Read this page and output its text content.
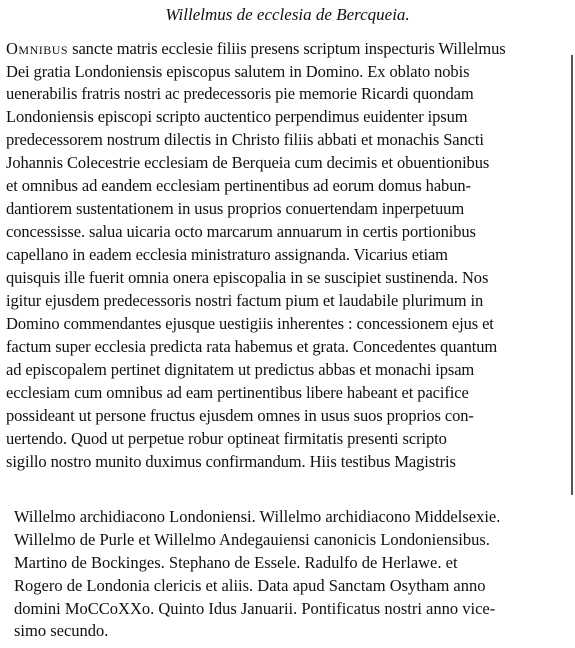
Willelmus de ecclesia de Bercqueia.
Omnibus sancte matris ecclesie filiis presens scriptum inspecturis Willelmus
Dei gratia Londoniensis episcopus salutem in Domino. Ex oblato nobis
uenerabilis fratris nostri ac predecessoris pie memorie Ricardi quondam
Londoniensis episcopi scripto auctentico perpendimus euidenter ipsum
predecessorem nostrum dilectis in Christo filiis abbati et monachis Sancti
Johannis Colecestrie ecclesiam de Berqueia cum decimis et obuentionibus
et omnibus ad eandem ecclesiam pertinentibus ad eorum domus habun-
dantiorem sustentationem in usus proprios conuertendam inperpetuum
concessisse. salua uicaria octo marcarum annuarum in certis portionibus
capellano in eadem ecclesia ministraturo assignanda. Vicarius etiam
quisquis ille fuerit omnia onera episcopalia in se suscipiet sustinenda. Nos
igitur ejusdem predecessoris nostri factum pium et laudabile plurimum in
Domino commendantes ejusque uestigiis inherentes : concessionem ejus et
factum super ecclesia predicta rata habemus et grata. Concedentes quantum
ad episcopalem pertinet dignitatem ut predictus abbas et monachi ipsam
ecclesiam cum omnibus ad eam pertinentibus libere habeant et pacifice
possideant ut persone fructus ejusdem omnes in usus suos proprios con-
uertendo. Quod ut perpetue robur optineat firmitatis presenti scripto
sigillo nostro munito duximus confirmandum. Hiis testibus Magistris
Willelmo archidiacono Londoniensi. Willelmo archidiacono Middelsexie.
Willelmo de Purle et Willelmo Andegauiensi canonicis Londoniensibus.
Martino de Bockinges. Stephano de Essele. Radulfo de Herlawe. et
Rogero de Londonia clericis et aliis. Data apud Sanctam Osytham anno
domini MoCCoXXo. Quinto Idus Januarii. Pontificatus nostri anno vice-
simo secundo.
